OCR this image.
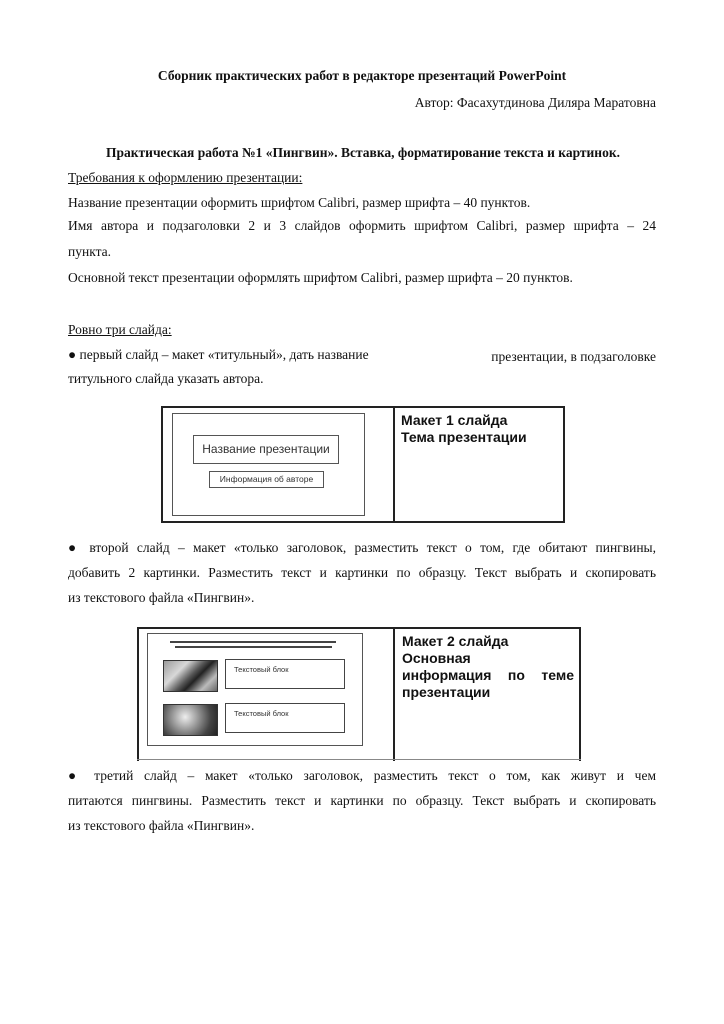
Сборник практических работ в редакторе презентаций PowerPoint
Автор: Фасахутдинова Диляра Маратовна
Практическая работа №1 «Пингвин». Вставка, форматирование текста и картинок.
Требования к оформлению презентации:
Название презентации оформить шрифтом Calibri, размер шрифта – 40 пунктов.
Имя автора и подзаголовки 2 и 3 слайдов оформить шрифтом Calibri, размер шрифта – 24
пункта.
Основной текст презентации оформлять шрифтом Calibri, размер шрифта – 20 пунктов.
Ровно три слайда:
● первый слайд – макет «титульный», дать название	презентации, в подзаголовке
титульного слайда указать автора.
Название презентации
Информация об авторе
Макет 1 слайда
Тема презентации
● второй слайд – макет «только заголовок, разместить текст о том, где обитают пингвины,
добавить 2 картинки. Разместить текст и картинки по образцу. Текст выбрать и скопировать
из текстового файла «Пингвин».
Текстовый блок
Текстовый блок
Макет 2 слайда
Основная
информация по теме
презентации
● третий слайд – макет «только заголовок, разместить текст о том, как живут и чем
питаются пингвины. Разместить текст и картинки по образцу. Текст выбрать и скопировать
из текстового файла «Пингвин».
